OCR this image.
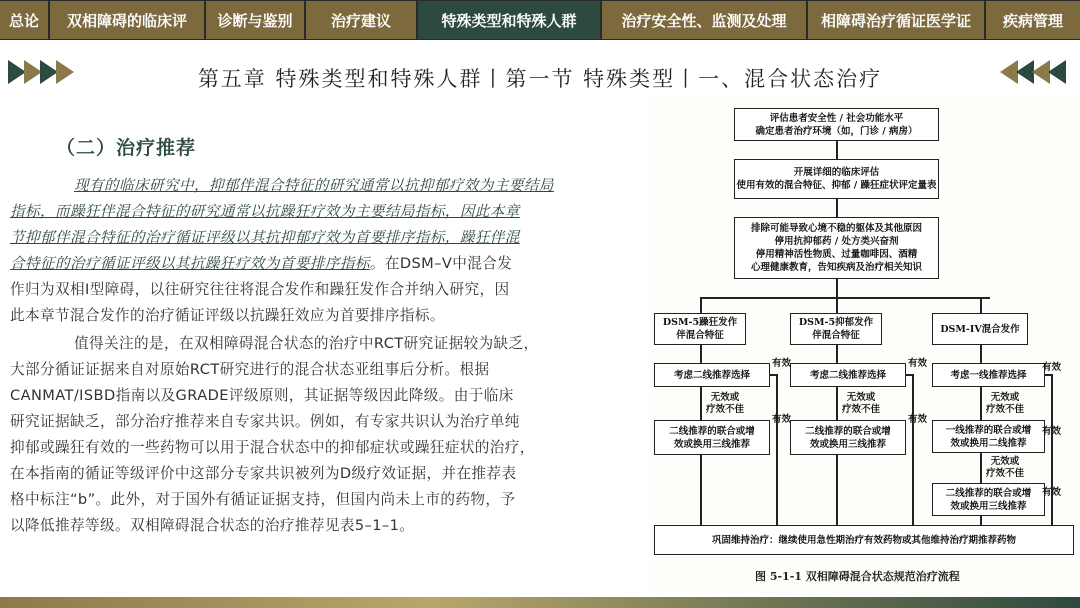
总论	双相障碍的临床评	诊断与鉴别	治疗建议	特殊类型和特殊人群	治疗安全性、监测及处理	相障碍治疗循证医学证	疾病管理
第五章 特殊类型和特殊人群丨第一节 特殊类型丨一、混合状态治疗
（二）治疗推荐
现有的临床研究中，抑郁伴混合特征的研究通常以抗抑郁疗效为主要结局
指标，而躁狂伴混合特征的研究通常以抗躁狂疗效为主要结局指标，因此本章
节抑郁伴混合特征的治疗循证评级以其抗抑郁疗效为首要排序指标，躁狂伴混
合特征的治疗循证评级以其抗躁狂疗效为首要排序指标。在DSM–V中混合发
作归为双相I型障碍，以往研究往往将混合发作和躁狂发作合并纳入研究，因
此本章节混合发作的治疗循证评级以抗躁狂效应为首要排序指标。
值得关注的是，在双相障碍混合状态的治疗中RCT研究证据较为缺乏，
大部分循证证据来自对原始RCT研究进行的混合状态亚组事后分析。根据
CANMAT/ISBD指南以及GRADE评级原则，其证据等级因此降级。由于临床
研究证据缺乏，部分治疗推荐来自专家共识。例如，有专家共识认为治疗单纯
抑郁或躁狂有效的一些药物可以用于混合状态中的抑郁症状或躁狂症状的治疗，
在本指南的循证等级评价中这部分专家共识被列为D级疗效证据，并在推荐表
格中标注“b”。此外，对于国外有循证证据支持，但国内尚未上市的药物，予
以降低推荐等级。双相障碍混合状态的治疗推荐见表5–1–1。
评估患者安全性 / 社会功能水平
确定患者治疗环境（如，门诊 / 病房）
开展详细的临床评估
使用有效的混合特征、抑郁 / 躁狂症状评定量表
排除可能导致心境不稳的躯体及其他原因
停用抗抑郁药 / 处方类兴奋剂
停用精神活性物质、过量咖啡因、酒精
心理健康教育，告知疾病及治疗相关知识
DSM-5躁狂发作
伴混合特征
DSM-5抑郁发作
伴混合特征
DSM-IV混合发作
考虑二线推荐选择	考虑二线推荐选择	考虑一线推荐选择
有效	有效	有效
无效或
疗效不佳
无效或
疗效不佳
无效或
疗效不佳
二线推荐的联合或增
效或换用三线推荐
二线推荐的联合或增
效或换用三线推荐
一线推荐的联合或增
效或换用二线推荐
有效	有效
有效
无效或
疗效不佳
二线推荐的联合或增
效或换用三线推荐
有效
巩固维持治疗：继续使用急性期治疗有效药物或其他维持治疗期推荐药物
图 5-1-1 双相障碍混合状态规范治疗流程
